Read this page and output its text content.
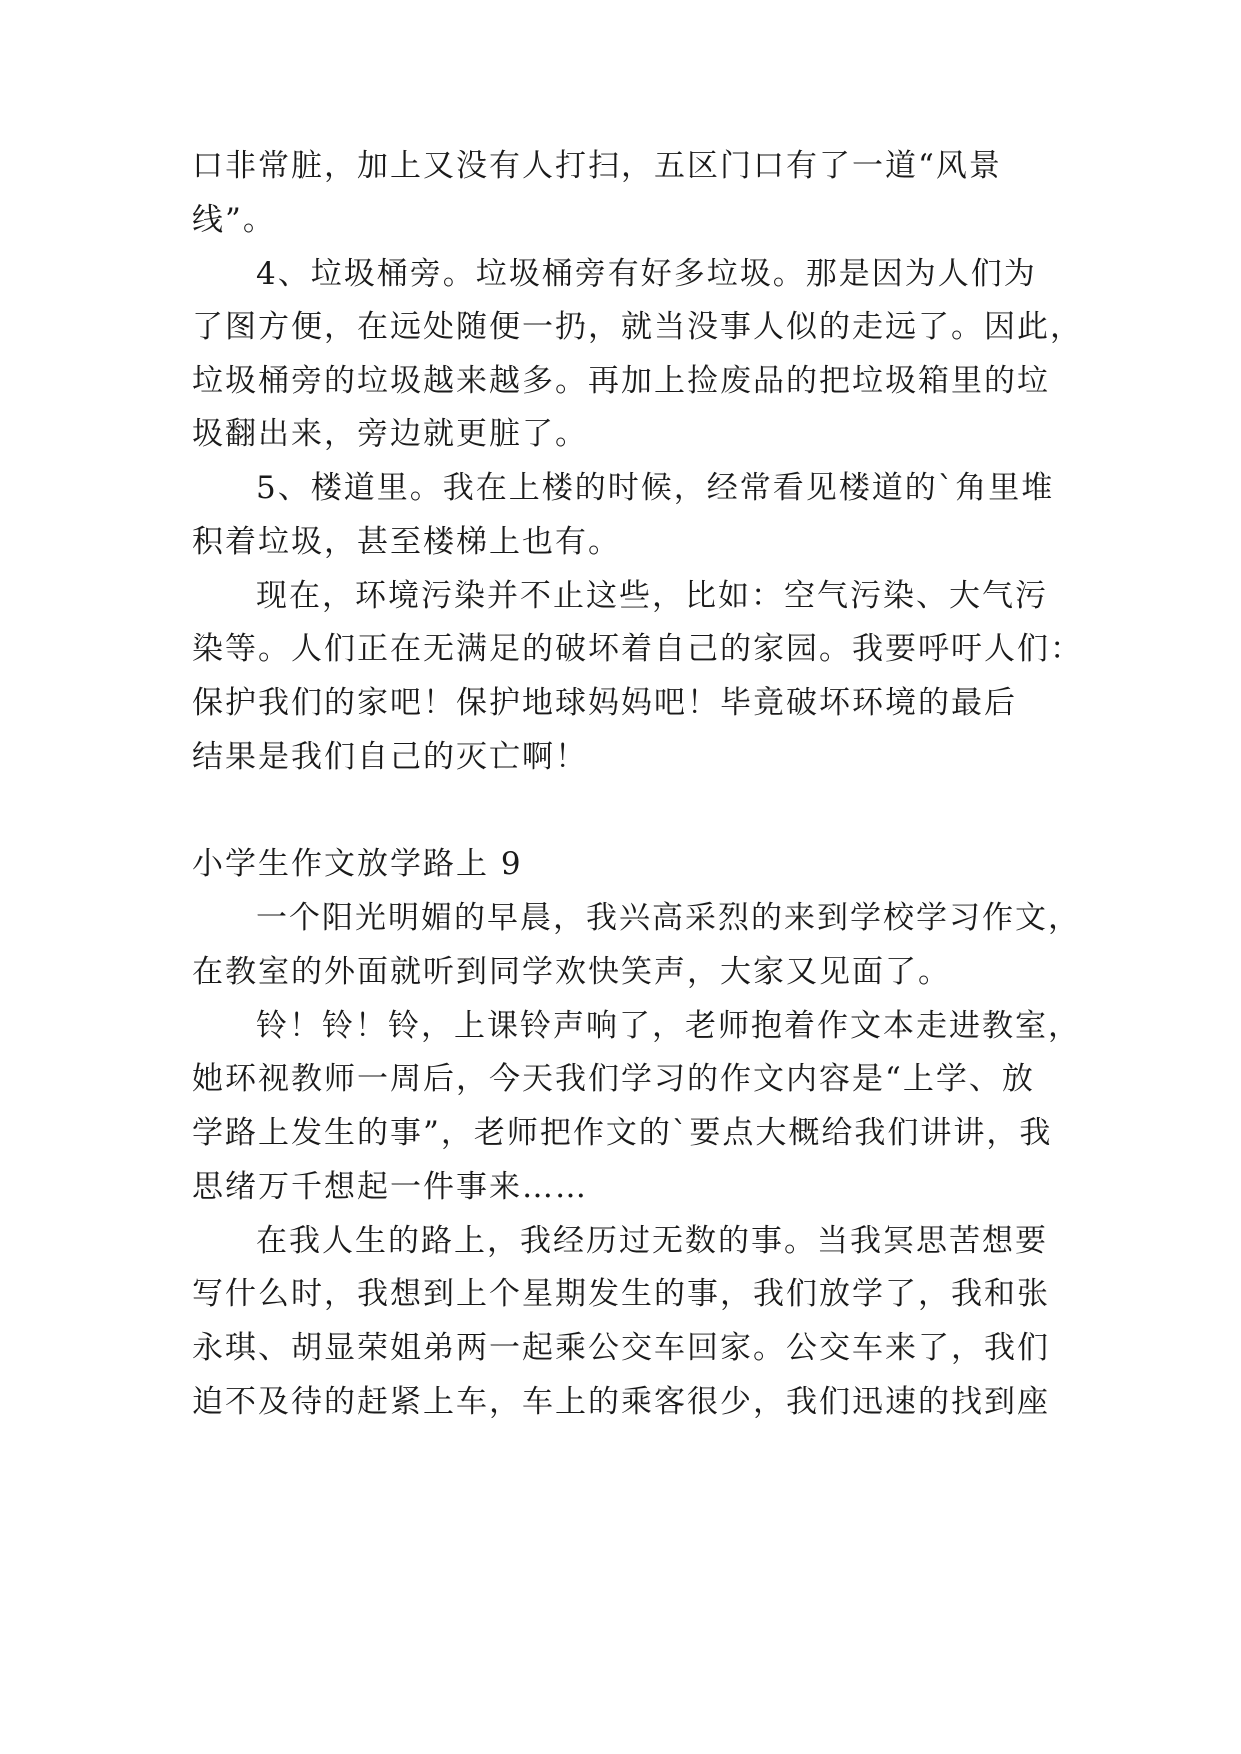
口非常脏，加上又没有人打扫，五区门口有了一道“风景
线”。
4、垃圾桶旁。垃圾桶旁有好多垃圾。那是因为人们为
了图方便，在远处随便一扔，就当没事人似的走远了。因此，
垃圾桶旁的垃圾越来越多。再加上捡废品的把垃圾箱里的垃
圾翻出来，旁边就更脏了。
5、楼道里。我在上楼的时候，经常看见楼道的`角里堆
积着垃圾，甚至楼梯上也有。
现在，环境污染并不止这些，比如：空气污染、大气污
染等。人们正在无满足的破坏着自己的家园。我要呼吁人们：
保护我们的家吧！保护地球妈妈吧！毕竟破坏环境的最后
结果是我们自己的灭亡啊！
小学生作文放学路上 9
一个阳光明媚的早晨，我兴高采烈的来到学校学习作文，
在教室的外面就听到同学欢快笑声，大家又见面了。
铃！铃！铃，上课铃声响了，老师抱着作文本走进教室，
她环视教师一周后，今天我们学习的作文内容是“上学、放
学路上发生的事”，老师把作文的`要点大概给我们讲讲，我
思绪万千想起一件事来……
在我人生的路上，我经历过无数的事。当我冥思苦想要
写什么时，我想到上个星期发生的事，我们放学了，我和张
永琪、胡显荣姐弟两一起乘公交车回家。公交车来了，我们
迫不及待的赶紧上车，车上的乘客很少，我们迅速的找到座
